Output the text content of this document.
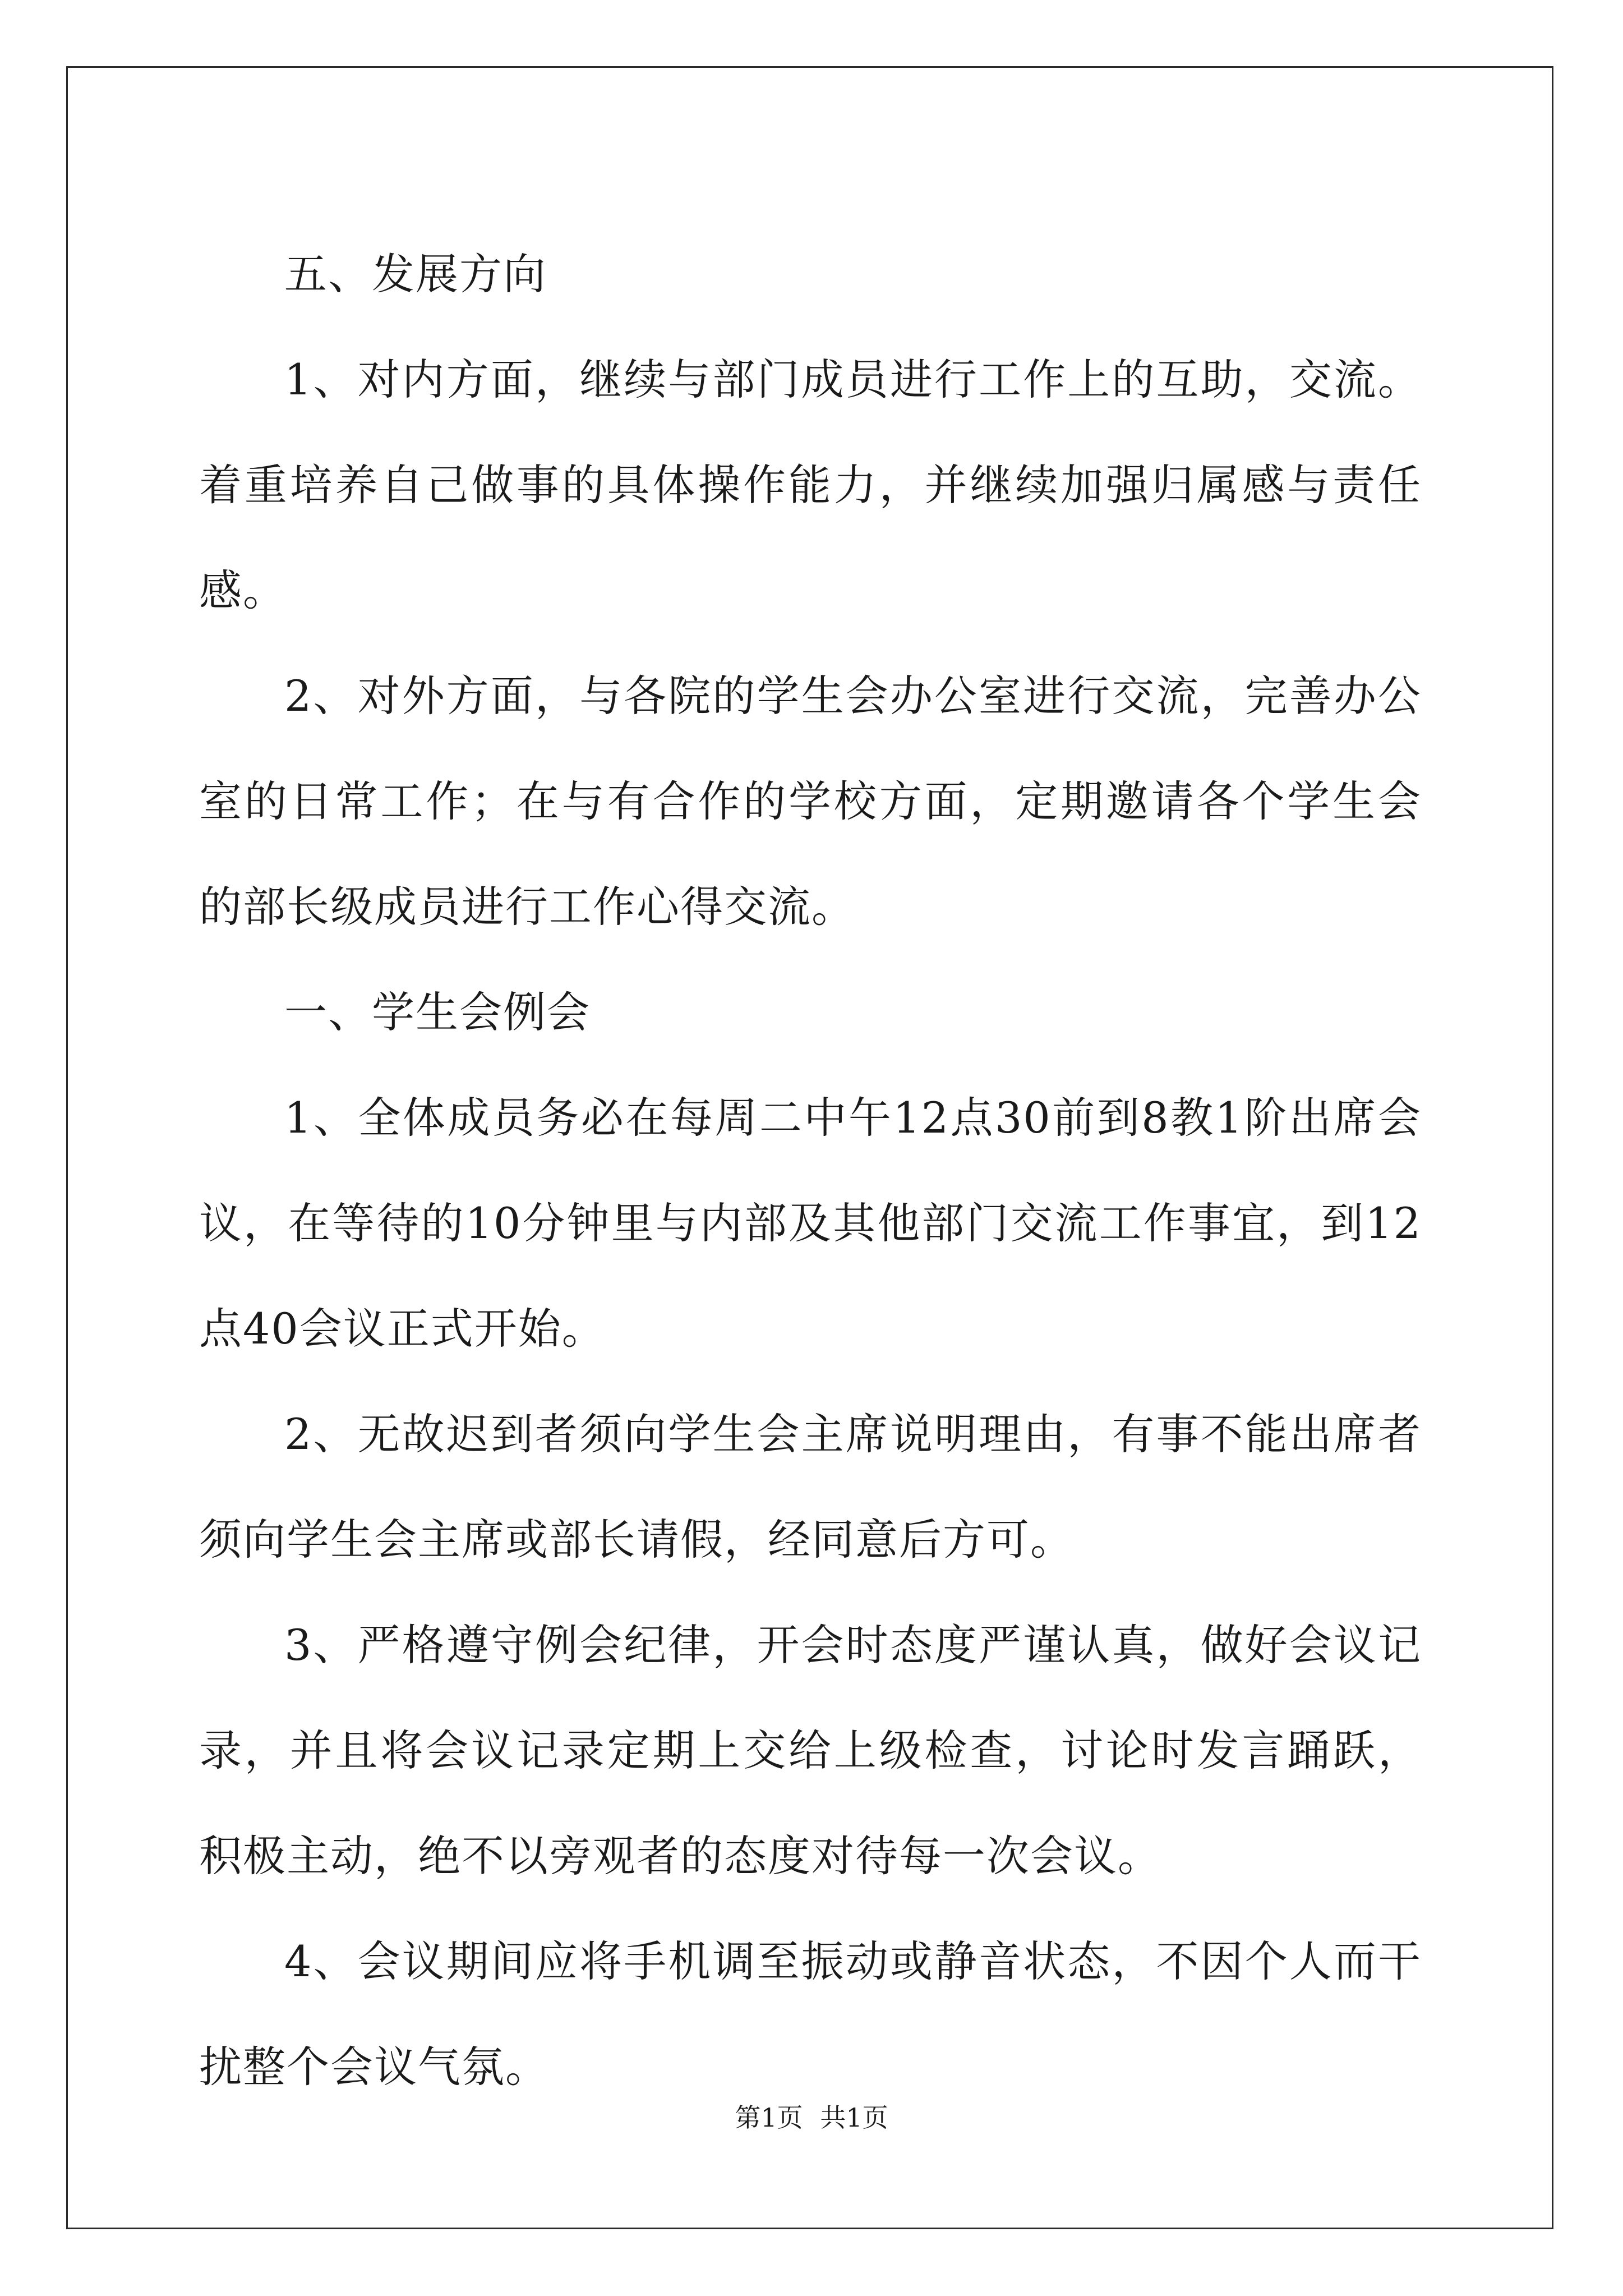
五、发展方向

1、对内方面，继续与部门成员进行工作上的互助，交流。着重培养自己做事的具体操作能力，并继续加强归属感与责任感。

2、对外方面，与各院的学生会办公室进行交流，完善办公室的日常工作；在与有合作的学校方面，定期邀请各个学生会的部长级成员进行工作心得交流。

一、学生会例会

1、全体成员务必在每周二中午12点30前到8教1阶出席会议，在等待的10分钟里与内部及其他部门交流工作事宜，到12点40会议正式开始。

2、无故迟到者须向学生会主席说明理由，有事不能出席者须向学生会主席或部长请假，经同意后方可。

3、严格遵守例会纪律，开会时态度严谨认真，做好会议记录，并且将会议记录定期上交给上级检查，讨论时发言踊跃，积极主动，绝不以旁观者的态度对待每一次会议。

4、会议期间应将手机调至振动或静音状态，不因个人而干扰整个会议气氛。

第1页 共1页
